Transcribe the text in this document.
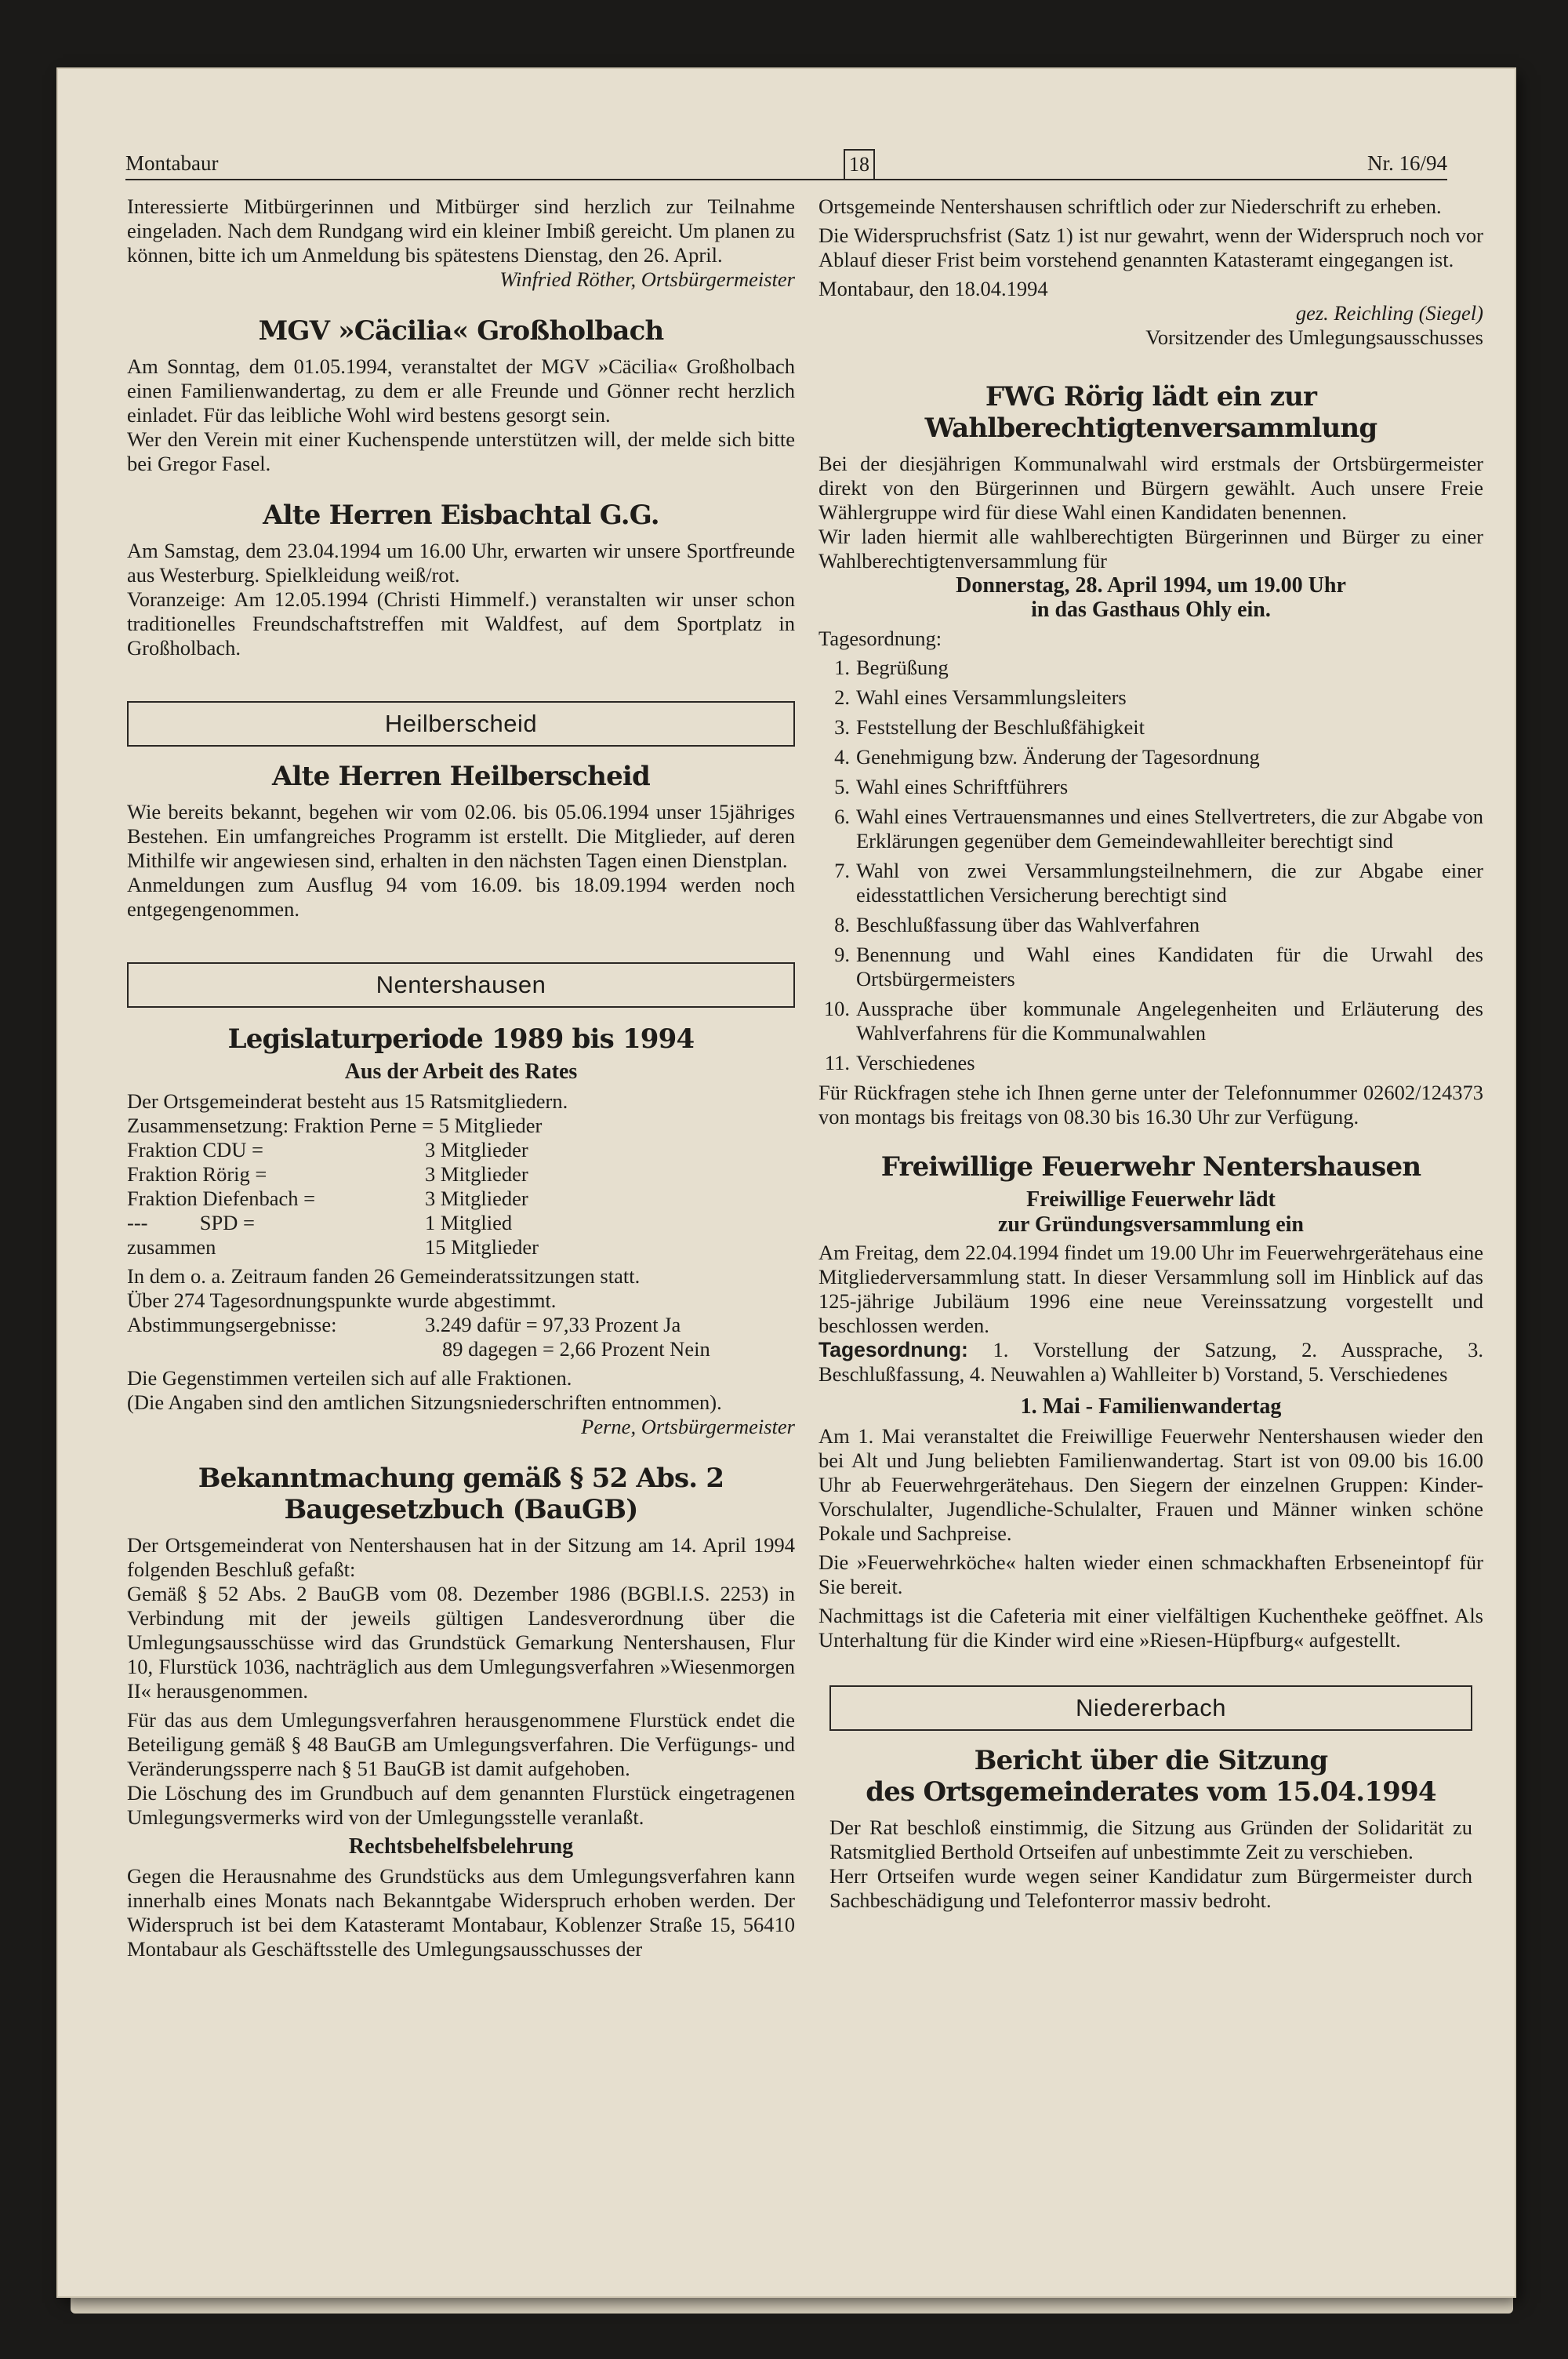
Montabaur	18	Nr. 16/94

Interessierte Mitbürgerinnen und Mitbürger sind herzlich zur Teilnahme eingeladen. Nach dem Rundgang wird ein kleiner Imbiß gereicht. Um planen zu können, bitte ich um Anmeldung bis spätestens Dienstag, den 26. April.

Winfried Röther, Ortsbürgermeister

MGV »Cäcilia« Großholbach

Am Sonntag, dem 01.05.1994, veranstaltet der MGV »Cäcilia« Großholbach einen Familienwandertag, zu dem er alle Freunde und Gönner recht herzlich einladet. Für das leibliche Wohl wird bestens gesorgt sein.

Wer den Verein mit einer Kuchenspende unterstützen will, der melde sich bitte bei Gregor Fasel.

Alte Herren Eisbachtal G.G.

Am Samstag, dem 23.04.1994 um 16.00 Uhr, erwarten wir unsere Sportfreunde aus Westerburg. Spielkleidung weiß/rot.

Voranzeige: Am 12.05.1994 (Christi Himmelf.) veranstalten wir unser schon traditionelles Freundschaftstreffen mit Waldfest, auf dem Sportplatz in Großholbach.

Heilberscheid
Alte Herren Heilberscheid

Wie bereits bekannt, begehen wir vom 02.06. bis 05.06.1994 unser 15jähriges Bestehen. Ein umfangreiches Programm ist erstellt. Die Mitglieder, auf deren Mithilfe wir angewiesen sind, erhalten in den nächsten Tagen einen Dienstplan.

Anmeldungen zum Ausflug 94 vom 16.09. bis 18.09.1994 werden noch entgegengenommen.

Nentershausen
Legislaturperiode 1989 bis 1994
Aus der Arbeit des Rates

Der Ortsgemeinderat besteht aus 15 Ratsmitgliedern.

Zusammensetzung: Fraktion Perne = 5 Mitglieder

Fraktion CDU =	3 Mitglieder
Fraktion Rörig =	3 Mitglieder
Fraktion Diefenbach =	3 Mitglieder
---          SPD =	1 Mitglied
zusammen	15 Mitglieder

In dem o. a. Zeitraum fanden 26 Gemeinderatssitzungen statt.

Über 274 Tagesordnungspunkte wurde abgestimmt.

Abstimmungsergebnisse:	3.249 dafür = 97,33 Prozent Ja
89 dagegen = 2,66 Prozent Nein

Die Gegenstimmen verteilen sich auf alle Fraktionen.

(Die Angaben sind den amtlichen Sitzungsniederschriften entnommen).

Perne, Ortsbürgermeister

Bekanntmachung gemäß § 52 Abs. 2
Baugesetzbuch (BauGB)

Der Ortsgemeinderat von Nentershausen hat in der Sitzung am 14. April 1994 folgenden Beschluß gefaßt:

Gemäß § 52 Abs. 2 BauGB vom 08. Dezember 1986 (BGBl.I.S. 2253) in Verbindung mit der jeweils gültigen Landesverordnung über die Umlegungsausschüsse wird das Grundstück Gemarkung Nentershausen, Flur 10, Flurstück 1036, nachträglich aus dem Umlegungsverfahren »Wiesenmorgen II« herausgenommen.

Für das aus dem Umlegungsverfahren herausgenommene Flurstück endet die Beteiligung gemäß § 48 BauGB am Umlegungsverfahren. Die Verfügungs- und Veränderungssperre nach § 51 BauGB ist damit aufgehoben.

Die Löschung des im Grundbuch auf dem genannten Flurstück eingetragenen Umlegungsvermerks wird von der Umlegungsstelle veranlaßt.

Rechtsbehelfsbelehrung

Gegen die Herausnahme des Grundstücks aus dem Umlegungsverfahren kann innerhalb eines Monats nach Bekanntgabe Widerspruch erhoben werden. Der Widerspruch ist bei dem Katasteramt Montabaur, Koblenzer Straße 15, 56410 Montabaur als Geschäftsstelle des Umlegungsausschusses der

Ortsgemeinde Nentershausen schriftlich oder zur Niederschrift zu erheben.

Die Widerspruchsfrist (Satz 1) ist nur gewahrt, wenn der Widerspruch noch vor Ablauf dieser Frist beim vorstehend genannten Katasteramt eingegangen ist.

Montabaur, den 18.04.1994

gez. Reichling (Siegel)

Vorsitzender des Umlegungsausschusses

FWG Rörig lädt ein zur
Wahlberechtigtenversammlung

Bei der diesjährigen Kommunalwahl wird erstmals der Ortsbürgermeister direkt von den Bürgerinnen und Bürgern gewählt. Auch unsere Freie Wählergruppe wird für diese Wahl einen Kandidaten benennen.

Wir laden hiermit alle wahlberechtigten Bürgerinnen und Bürger zu einer Wahlberechtigtenversammlung für

Donnerstag, 28. April 1994, um 19.00 Uhr

in das Gasthaus Ohly ein.

Tagesordnung:

1. Begrüßung
2. Wahl eines Versammlungsleiters
3. Feststellung der Beschlußfähigkeit
4. Genehmigung bzw. Änderung der Tagesordnung
5. Wahl eines Schriftführers
6. Wahl eines Vertrauensmannes und eines Stellvertreters, die zur Abgabe von Erklärungen gegenüber dem Gemeindewahlleiter berechtigt sind
7. Wahl von zwei Versammlungsteilnehmern, die zur Abgabe einer eidesstattlichen Versicherung berechtigt sind
8. Beschlußfassung über das Wahlverfahren
9. Benennung und Wahl eines Kandidaten für die Urwahl des Ortsbürgermeisters
10. Aussprache über kommunale Angelegenheiten und Erläuterung des Wahlverfahrens für die Kommunalwahlen
11. Verschiedenes

Für Rückfragen stehe ich Ihnen gerne unter der Telefonnummer 02602/124373 von montags bis freitags von 08.30 bis 16.30 Uhr zur Verfügung.

Freiwillige Feuerwehr Nentershausen
Freiwillige Feuerwehr lädt
zur Gründungsversammlung ein

Am Freitag, dem 22.04.1994 findet um 19.00 Uhr im Feuerwehrgerätehaus eine Mitgliederversammlung statt. In dieser Versammlung soll im Hinblick auf das 125-jährige Jubiläum 1996 eine neue Vereinssatzung vorgestellt und beschlossen werden.

Tagesordnung: 1. Vorstellung der Satzung, 2. Aussprache, 3. Beschlußfassung, 4. Neuwahlen a) Wahlleiter b) Vorstand, 5. Verschiedenes

1. Mai - Familienwandertag

Am 1. Mai veranstaltet die Freiwillige Feuerwehr Nentershausen wieder den bei Alt und Jung beliebten Familienwandertag. Start ist von 09.00 bis 16.00 Uhr ab Feuerwehrgerätehaus. Den Siegern der einzelnen Gruppen: Kinder-Vorschulalter, Jugendliche-Schulalter, Frauen und Männer winken schöne Pokale und Sachpreise.

Die »Feuerwehrköche« halten wieder einen schmackhaften Erbseneintopf für Sie bereit.

Nachmittags ist die Cafeteria mit einer vielfältigen Kuchentheke geöffnet. Als Unterhaltung für die Kinder wird eine »Riesen-Hüpfburg« aufgestellt.

Niedererbach
Bericht über die Sitzung
des Ortsgemeinderates vom 15.04.1994

Der Rat beschloß einstimmig, die Sitzung aus Gründen der Solidarität zu Ratsmitglied Berthold Ortseifen auf unbestimmte Zeit zu verschieben.

Herr Ortseifen wurde wegen seiner Kandidatur zum Bürgermeister durch Sachbeschädigung und Telefonterror massiv bedroht.
